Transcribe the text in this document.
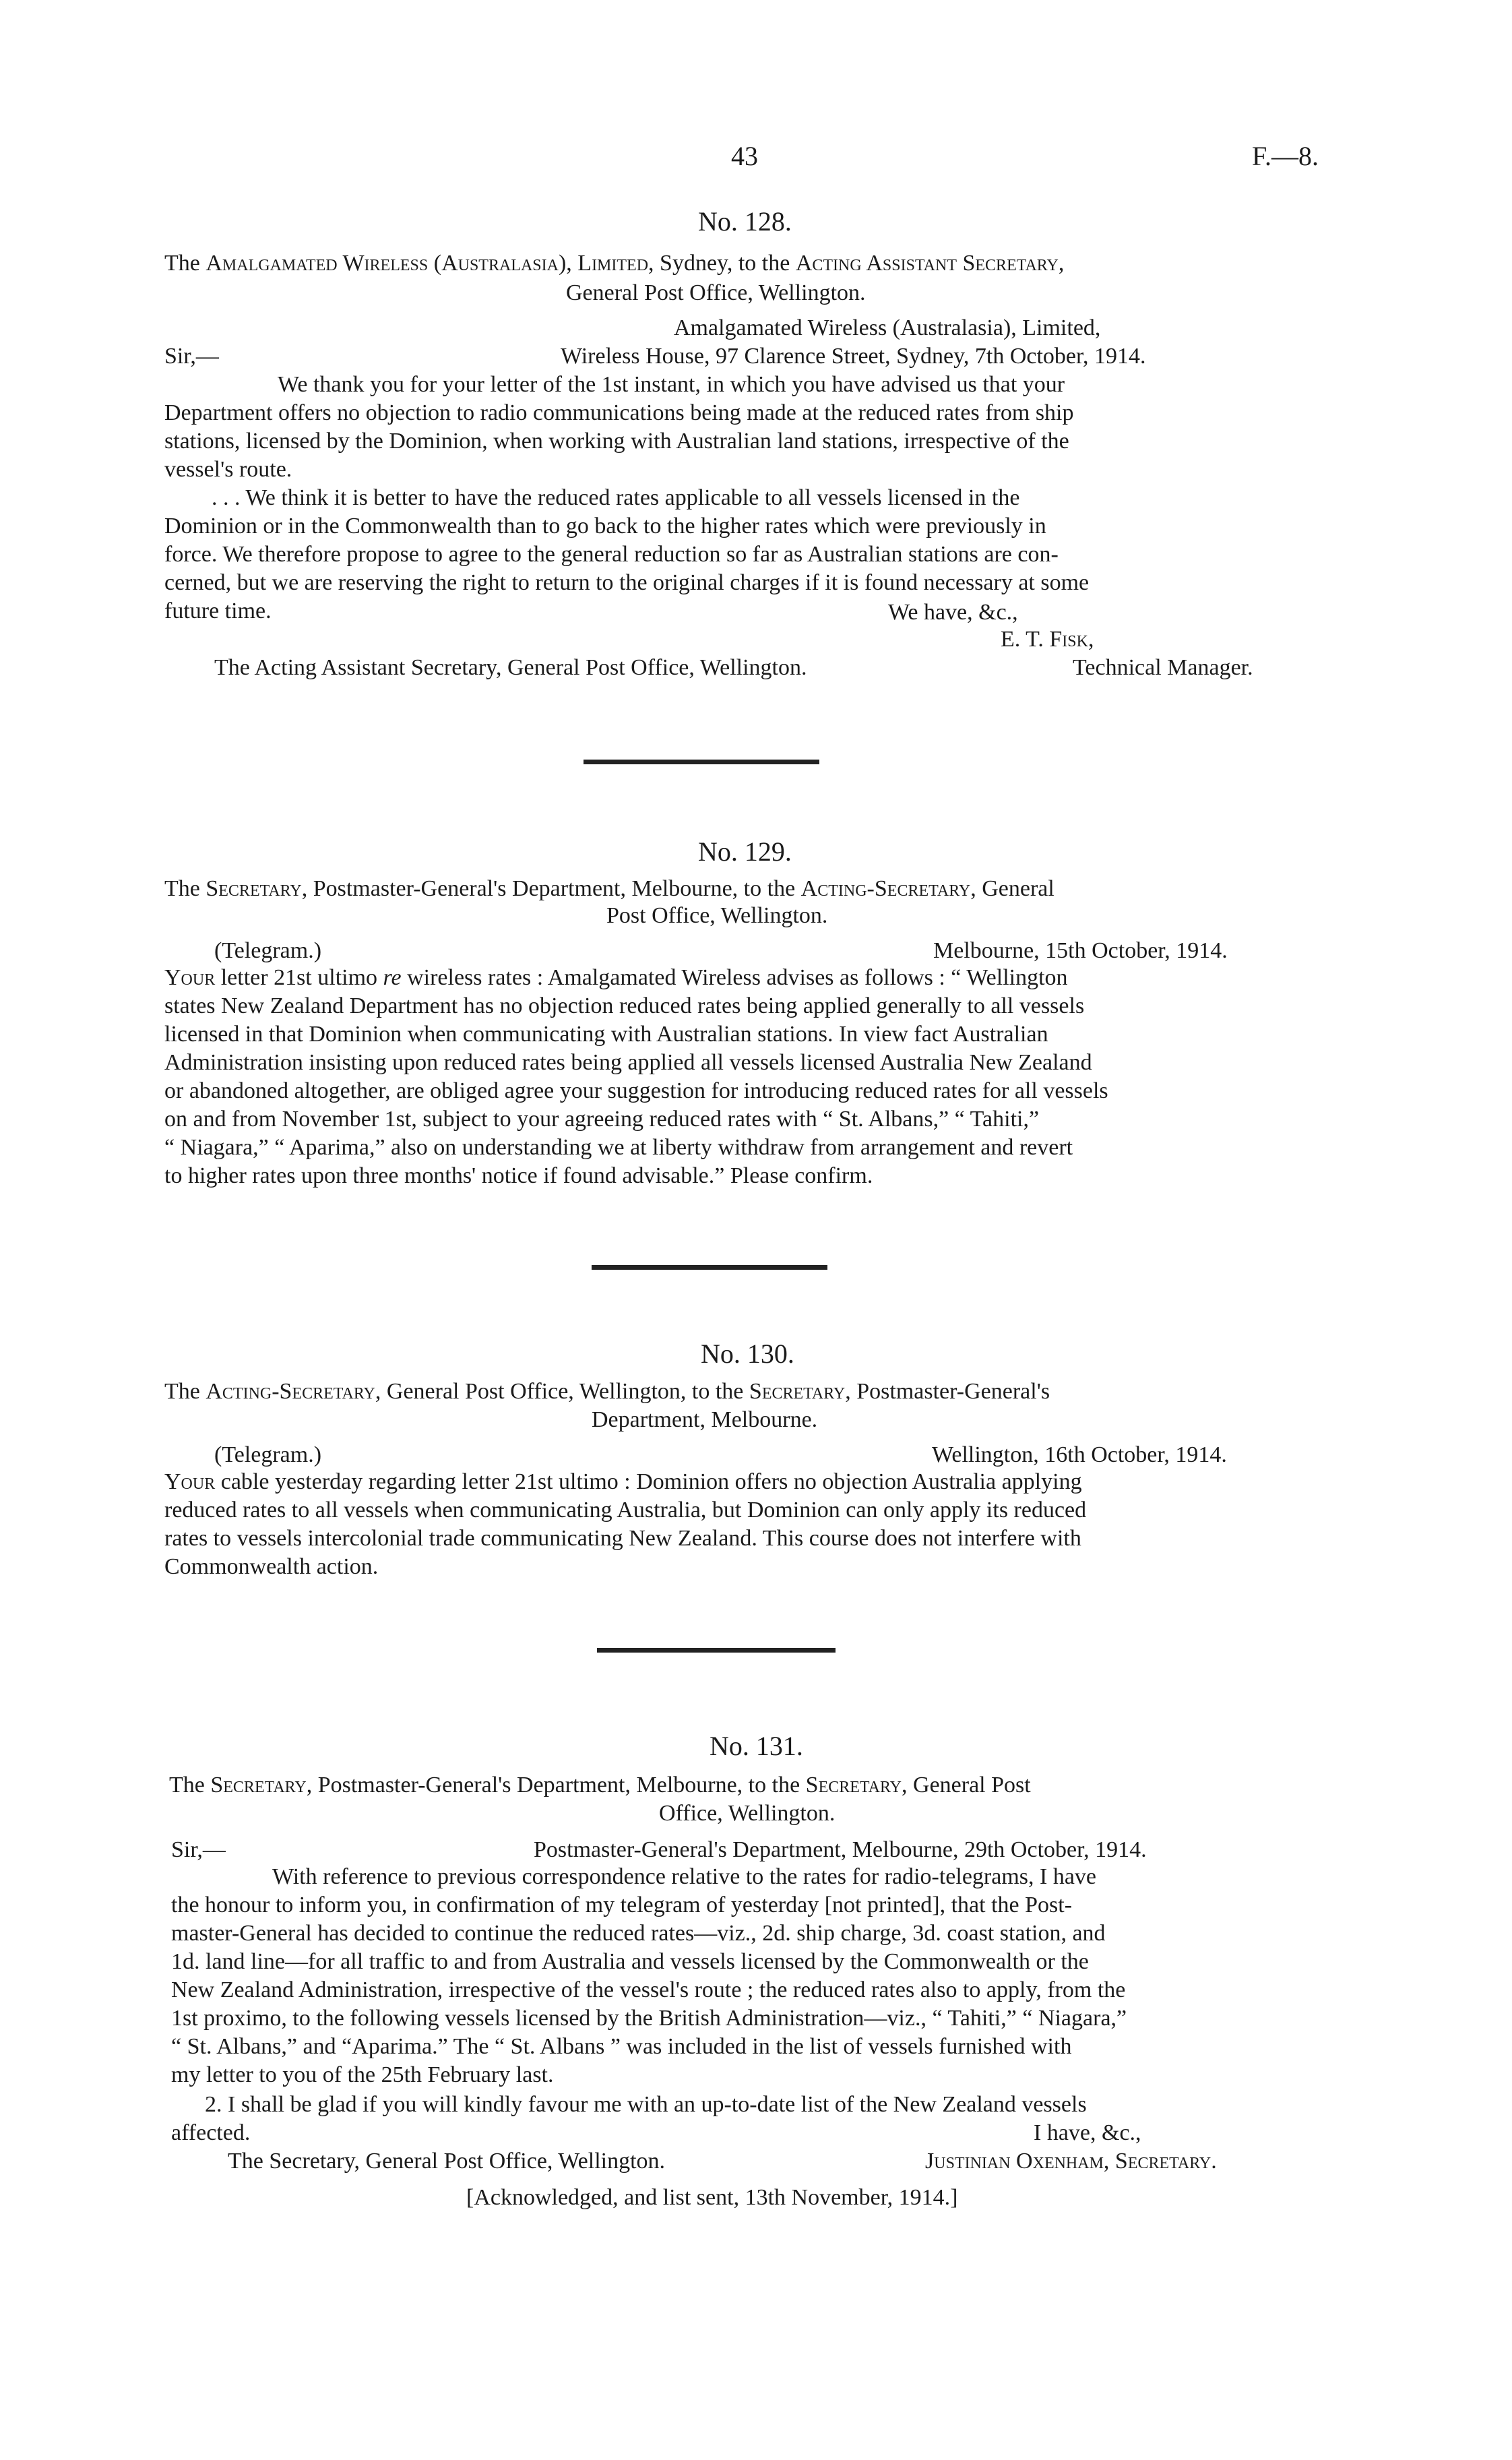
43	F.—8.
No. 128.
The Amalgamated Wireless (Australasia), Limited, Sydney, to the Acting Assistant Secretary,
General Post Office, Wellington.
Amalgamated Wireless (Australasia), Limited,
Sir,—	Wireless House, 97 Clarence Street, Sydney, 7th October, 1914.
We thank you for your letter of the 1st instant, in which you have advised us that your
Department offers no objection to radio communications being made at the reduced rates from ship
stations, licensed by the Dominion, when working with Australian land stations, irrespective of the
vessel's route.
. . . We think it is better to have the reduced rates applicable to all vessels licensed in the
Dominion or in the Commonwealth than to go back to the higher rates which were previously in
force. We therefore propose to agree to the general reduction so far as Australian stations are con-
cerned, but we are reserving the right to return to the original charges if it is found necessary at some
future time.	We have, &c.,
E. T. Fisk,
The Acting Assistant Secretary, General Post Office, Wellington.	Technical Manager.
No. 129.
The Secretary, Postmaster-General's Department, Melbourne, to the Acting-Secretary, General
Post Office, Wellington.
(Telegram.)	Melbourne, 15th October, 1914.
Your letter 21st ultimo re wireless rates : Amalgamated Wireless advises as follows : “ Wellington
states New Zealand Department has no objection reduced rates being applied generally to all vessels
licensed in that Dominion when communicating with Australian stations. In view fact Australian
Administration insisting upon reduced rates being applied all vessels licensed Australia New Zealand
or abandoned altogether, are obliged agree your suggestion for introducing reduced rates for all vessels
on and from November 1st, subject to your agreeing reduced rates with “ St. Albans,” “ Tahiti,”
“ Niagara,” “ Aparima,” also on understanding we at liberty withdraw from arrangement and revert
to higher rates upon three months' notice if found advisable.” Please confirm.
No. 130.
The Acting-Secretary, General Post Office, Wellington, to the Secretary, Postmaster-General's
Department, Melbourne.
(Telegram.)	Wellington, 16th October, 1914.
Your cable yesterday regarding letter 21st ultimo : Dominion offers no objection Australia applying
reduced rates to all vessels when communicating Australia, but Dominion can only apply its reduced
rates to vessels intercolonial trade communicating New Zealand. This course does not interfere with
Commonwealth action.
No. 131.
The Secretary, Postmaster-General's Department, Melbourne, to the Secretary, General Post
Office, Wellington.
Sir,—	Postmaster-General's Department, Melbourne, 29th October, 1914.
With reference to previous correspondence relative to the rates for radio-telegrams, I have
the honour to inform you, in confirmation of my telegram of yesterday [not printed], that the Post-
master-General has decided to continue the reduced rates—viz., 2d. ship charge, 3d. coast station, and
1d. land line—for all traffic to and from Australia and vessels licensed by the Commonwealth or the
New Zealand Administration, irrespective of the vessel's route ; the reduced rates also to apply, from the
1st proximo, to the following vessels licensed by the British Administration—viz., “ Tahiti,” “ Niagara,”
“ St. Albans,” and “Aparima.” The “ St. Albans ” was included in the list of vessels furnished with
my letter to you of the 25th February last.
2. I shall be glad if you will kindly favour me with an up-to-date list of the New Zealand vessels
affected.	I have, &c.,
The Secretary, General Post Office, Wellington.	Justinian Oxenham, Secretary.
[Acknowledged, and list sent, 13th November, 1914.]
